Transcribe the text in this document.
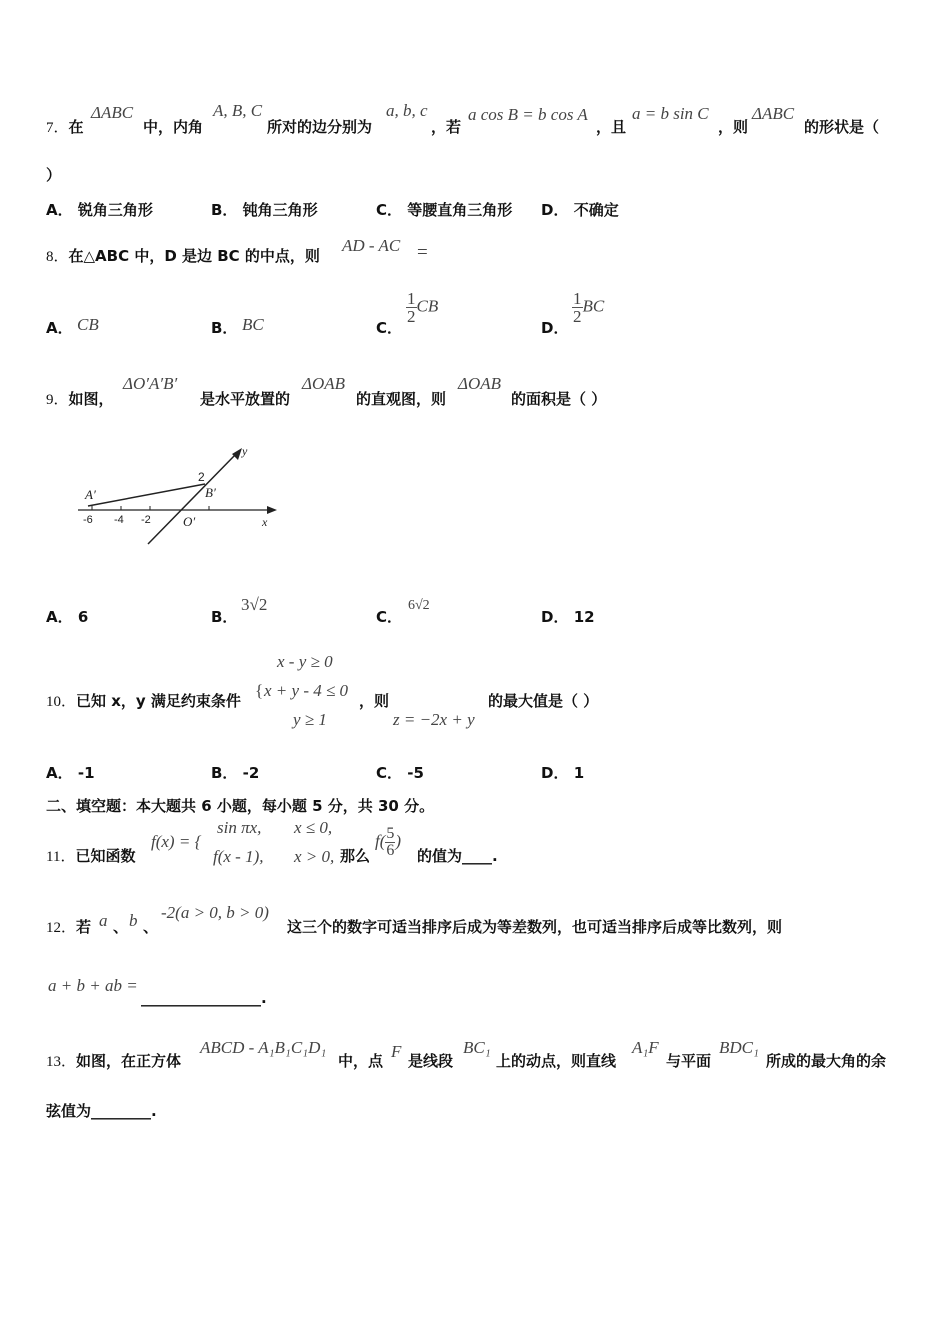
7．在
ΔABC
中，内角
A, B, C
所对的边分别为
a, b, c
，若
a cos B = b cos A
，且
a = b sin C
，则
ΔABC
的形状是（
）
A． 锐角三角形	B． 钝角三角形	C． 等腰直角三角形 D． 不确定
8．在△ABC 中，D 是边 BC 的中点，则
AD - AC =
A． CB	B． BC	C．
$\frac{1}{2}$ CB
D．
$\frac{1}{2}$ BC
9．如图，
ΔO′A′B′
是水平放置的
ΔOAB
的直观图，则
ΔOAB
的面积是（ ）
-6 -4 -2
A′	B′
2
O′
y
x
A． 6	B．
3√2
C．
6√2
D． 12
x - y ≥ 0
10．已知 x，y 满足约束条件
{ x + y - 4 ≤ 0
y ≥ 1
，则
z = −2x + y
的最大值是（ ）
A． -1	B． -2	C． -5	D． 1
二、填空题：本大题共 6 小题，每小题 5 分，共 30 分。
11．已知函数
f(x) = {
sin πx, x ≤ 0,
f(x - 1), x > 0, 那么
$f( \frac{5}{6}$ )
的值为____.
12．若 a 、 b 、
-2(a > 0, b > 0)
这三个的数字可适当排序后成为等差数列，也可适当排序后成等比数列，则
a + b + ab =
________________.
13．如图，在正方体
ABCD - A₁B₁C₁D₁
中，点 F 是线段
BC₁
上的动点，则直线
A₁F
与平面
BDC₁
所成的最大角的余
弦值为________.
